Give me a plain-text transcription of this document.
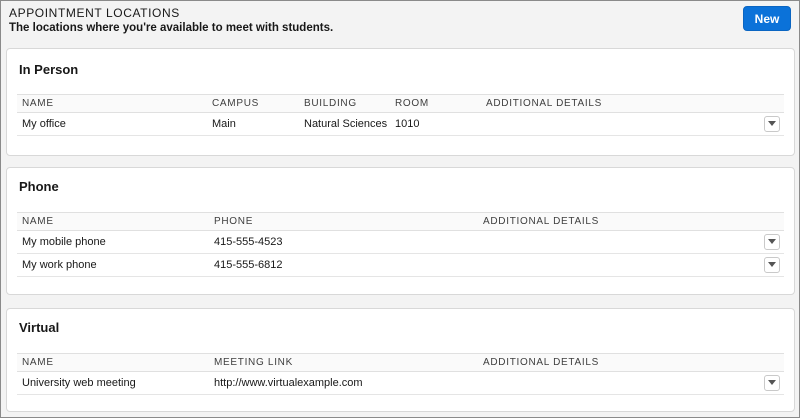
APPOINTMENT LOCATIONS
The locations where you're available to meet with students.
New
In Person
NAME	CAMPUS	BUILDING	ROOM	ADDITIONAL DETAILS
My office	Main	Natural Sciences 1010
Phone
NAME	PHONE	ADDITIONAL DETAILS
My mobile phone	415-555-4523
My work phone	415-555-6812
Virtual
NAME	MEETING LINK	ADDITIONAL DETAILS
University web meeting	http://www.virtualexample.com
